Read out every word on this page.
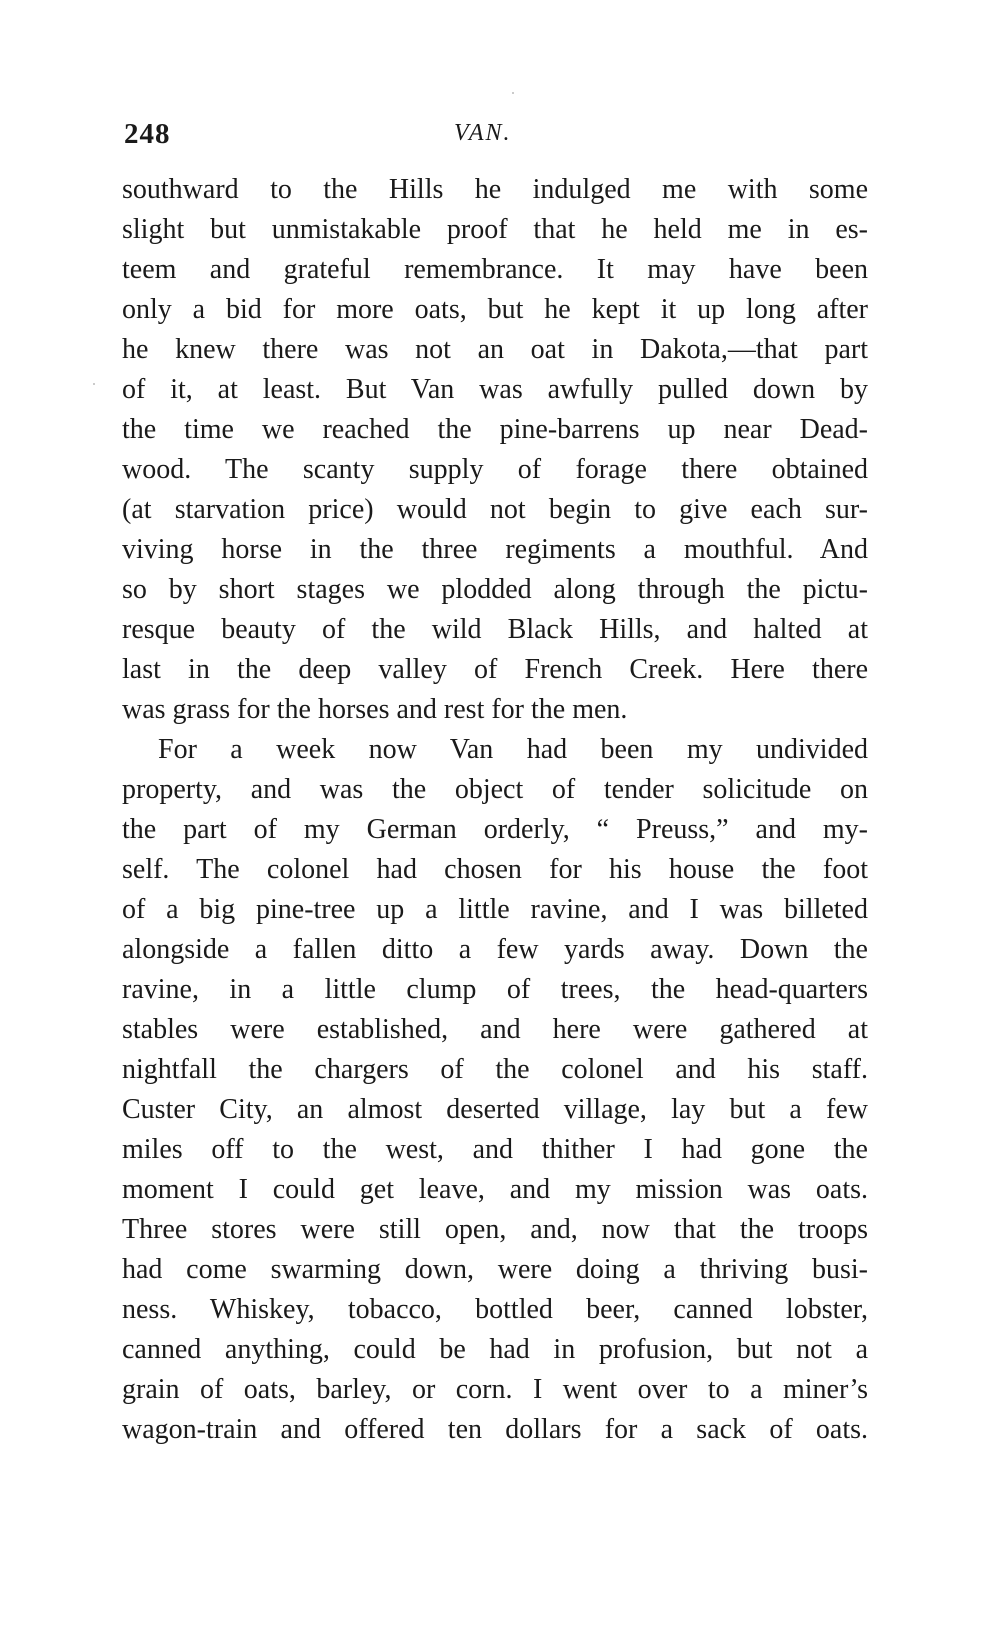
248	VAN.
southward to the Hills he indulged me with some
slight but unmistakable proof that he held me in es-
teem and grateful remembrance. It may have been
only a bid for more oats, but he kept it up long after
he knew there was not an oat in Dakota,—that part
of it, at least. But Van was awfully pulled down by
the time we reached the pine-barrens up near Dead-
wood. The scanty supply of forage there obtained
(at starvation price) would not begin to give each sur-
viving horse in the three regiments a mouthful. And
so by short stages we plodded along through the pictu-
resque beauty of the wild Black Hills, and halted at
last in the deep valley of French Creek. Here there
was grass for the horses and rest for the men.
For a week now Van had been my undivided
property, and was the object of tender solicitude on
the part of my German orderly, “ Preuss,” and my-
self. The colonel had chosen for his house the foot
of a big pine-tree up a little ravine, and I was billeted
alongside a fallen ditto a few yards away. Down the
ravine, in a little clump of trees, the head-quarters
stables were established, and here were gathered at
nightfall the chargers of the colonel and his staff.
Custer City, an almost deserted village, lay but a few
miles off to the west, and thither I had gone the
moment I could get leave, and my mission was oats.
Three stores were still open, and, now that the troops
had come swarming down, were doing a thriving busi-
ness. Whiskey, tobacco, bottled beer, canned lobster,
canned anything, could be had in profusion, but not a
grain of oats, barley, or corn. I went over to a miner’s
wagon-train and offered ten dollars for a sack of oats.
